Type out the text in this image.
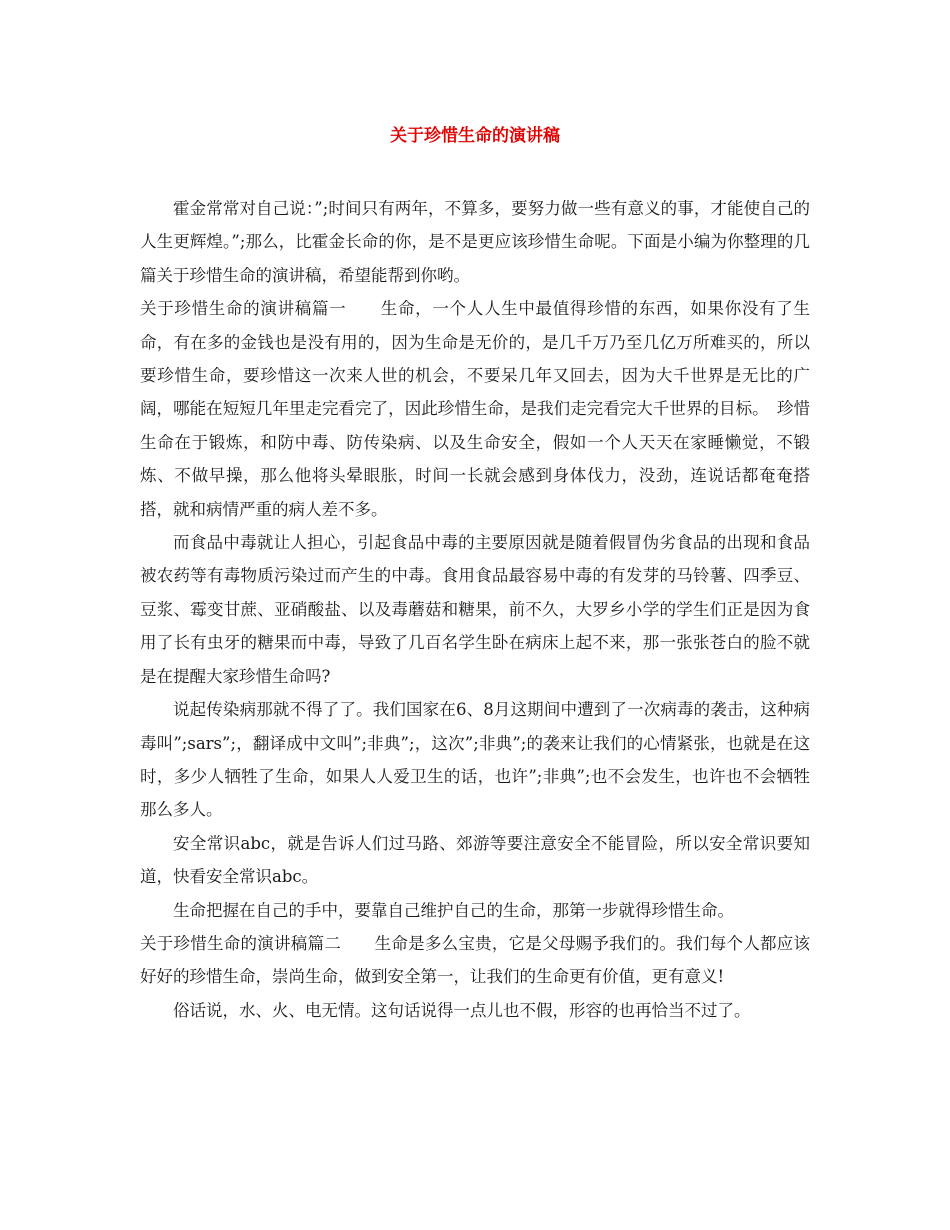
关于珍惜生命的演讲稿

霍金常常对自己说：”;时间只有两年，不算多，要努力做一些有意义的事，才能使自己的人生更辉煌。”;那么，比霍金长命的你，是不是更应该珍惜生命呢。下面是小编为你整理的几篇关于珍惜生命的演讲稿，希望能帮到你哟。

关于珍惜生命的演讲稿篇一　　生命，一个人人生中最值得珍惜的东西，如果你没有了生命，有在多的金钱也是没有用的，因为生命是无价的，是几千万乃至几亿万所难买的，所以要珍惜生命，要珍惜这一次来人世的机会，不要呆几年又回去，因为大千世界是无比的广阔，哪能在短短几年里走完看完了，因此珍惜生命，是我们走完看完大千世界的目标。　珍惜生命在于锻炼，和防中毒、防传染病、以及生命安全，假如一个人天天在家睡懒觉，不锻炼、不做早操，那么他将头晕眼胀，时间一长就会感到身体伐力，没劲，连说话都奄奄搭搭，就和病情严重的病人差不多。

而食品中毒就让人担心，引起食品中毒的主要原因就是随着假冒伪劣食品的出现和食品被农药等有毒物质污染过而产生的中毒。食用食品最容易中毒的有发芽的马铃薯、四季豆、豆浆、霉变甘蔗、亚硝酸盐、以及毒蘑菇和糖果，前不久，大罗乡小学的学生们正是因为食用了长有虫牙的糖果而中毒，导致了几百名学生卧在病床上起不来，那一张张苍白的脸不就是在提醒大家珍惜生命吗?

说起传染病那就不得了了。我们国家在6、8月这期间中遭到了一次病毒的袭击，这种病毒叫”;sars”;，翻译成中文叫”;非典”;，这次”;非典”;的袭来让我们的心情紧张，也就是在这时，多少人牺牲了生命，如果人人爱卫生的话，也许”;非典”;也不会发生，也许也不会牺牲那么多人。

安全常识abc，就是告诉人们过马路、郊游等要注意安全不能冒险，所以安全常识要知道，快看安全常识abc。

生命把握在自己的手中，要靠自己维护自己的生命，那第一步就得珍惜生命。

关于珍惜生命的演讲稿篇二　　生命是多么宝贵，它是父母赐予我们的。我们每个人都应该好好的珍惜生命，崇尚生命，做到安全第一，让我们的生命更有价值，更有意义!

俗话说，水、火、电无情。这句话说得一点儿也不假，形容的也再恰当不过了。
